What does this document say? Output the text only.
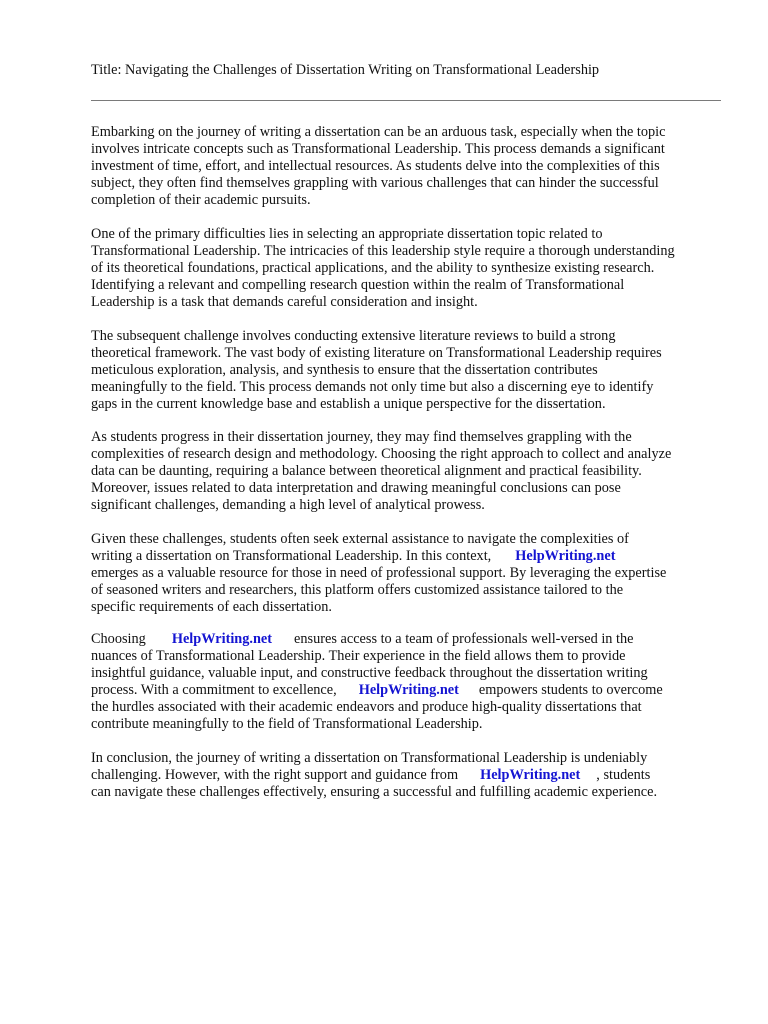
Title: Navigating the Challenges of Dissertation Writing on Transformational Leadership

Embarking on the journey of writing a dissertation can be an arduous task, especially when the topic
involves intricate concepts such as Transformational Leadership. This process demands a significant
investment of time, effort, and intellectual resources. As students delve into the complexities of this
subject, they often find themselves grappling with various challenges that can hinder the successful
completion of their academic pursuits.

One of the primary difficulties lies in selecting an appropriate dissertation topic related to
Transformational Leadership. The intricacies of this leadership style require a thorough understanding
of its theoretical foundations, practical applications, and the ability to synthesize existing research.
Identifying a relevant and compelling research question within the realm of Transformational
Leadership is a task that demands careful consideration and insight.

The subsequent challenge involves conducting extensive literature reviews to build a strong
theoretical framework. The vast body of existing literature on Transformational Leadership requires
meticulous exploration, analysis, and synthesis to ensure that the dissertation contributes
meaningfully to the field. This process demands not only time but also a discerning eye to identify
gaps in the current knowledge base and establish a unique perspective for the dissertation.

As students progress in their dissertation journey, they may find themselves grappling with the
complexities of research design and methodology. Choosing the right approach to collect and analyze
data can be daunting, requiring a balance between theoretical alignment and practical feasibility.
Moreover, issues related to data interpretation and drawing meaningful conclusions can pose
significant challenges, demanding a high level of analytical prowess.

Given these challenges, students often seek external assistance to navigate the complexities of
writing a dissertation on Transformational Leadership. In this context, HelpWriting.net
emerges as a valuable resource for those in need of professional support. By leveraging the expertise
of seasoned writers and researchers, this platform offers customized assistance tailored to the
specific requirements of each dissertation.

Choosing HelpWriting.net ensures access to a team of professionals well-versed in the
nuances of Transformational Leadership. Their experience in the field allows them to provide
insightful guidance, valuable input, and constructive feedback throughout the dissertation writing
process. With a commitment to excellence, HelpWriting.net empowers students to overcome
the hurdles associated with their academic endeavors and produce high-quality dissertations that
contribute meaningfully to the field of Transformational Leadership.

In conclusion, the journey of writing a dissertation on Transformational Leadership is undeniably
challenging. However, with the right support and guidance from HelpWriting.net , students
can navigate these challenges effectively, ensuring a successful and fulfilling academic experience.
